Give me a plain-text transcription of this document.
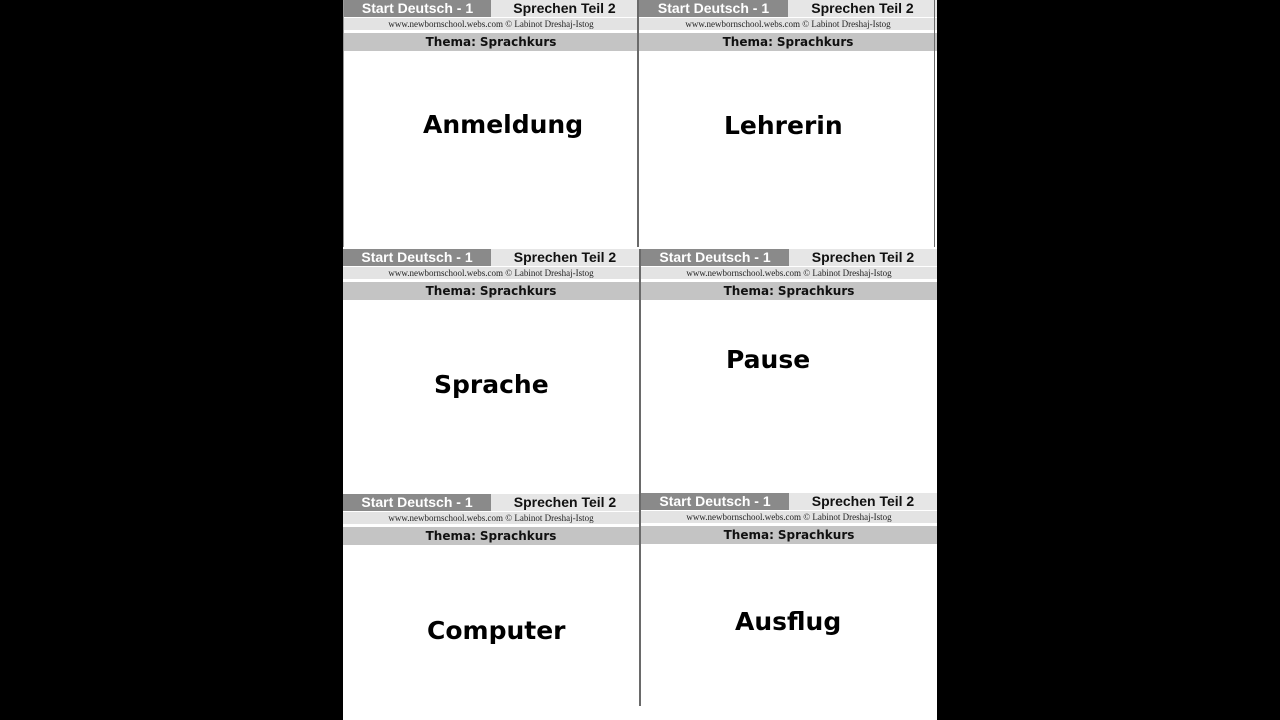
Start Deutsch - 1	Sprechen Teil 2
www.newbornschool.webs.com © Labinot Dreshaj-Istog
Thema: Sprachkurs
Anmeldung
Start Deutsch - 1	Sprechen Teil 2
www.newbornschool.webs.com © Labinot Dreshaj-Istog
Thema: Sprachkurs
Lehrerin
Start Deutsch - 1	Sprechen Teil 2
www.newbornschool.webs.com © Labinot Dreshaj-Istog
Thema: Sprachkurs
Sprache
Start Deutsch - 1	Sprechen Teil 2
www.newbornschool.webs.com © Labinot Dreshaj-Istog
Thema: Sprachkurs
Pause
Start Deutsch - 1	Sprechen Teil 2
www.newbornschool.webs.com © Labinot Dreshaj-Istog
Thema: Sprachkurs
Computer
Start Deutsch - 1	Sprechen Teil 2
www.newbornschool.webs.com © Labinot Dreshaj-Istog
Thema: Sprachkurs
Ausflug
